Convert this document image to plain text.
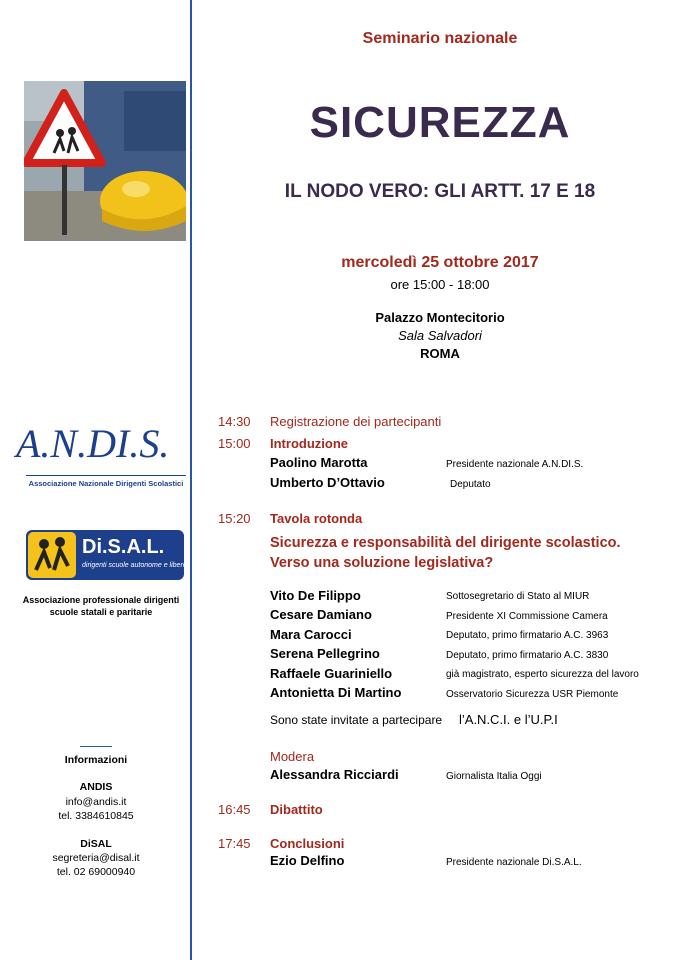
Seminario nazionale
SICUREZZA
IL NODO VERO: GLI ARTT. 17 E 18
mercoledì 25 ottobre 2017
ore 15:00 - 18:00
Palazzo Montecitorio
Sala Salvadori
ROMA
A.N.DI.S.
Associazione Nazionale Dirigenti Scolastici
Di.S.A.L.
dirigenti scuole autonome e libere
Associazione professionale dirigenti scuole statali e paritarie
Informazioni
ANDIS
info@andis.it
tel. 3384610845
DiSAL
segreteria@disal.it
tel. 02 69000940
14:30 Registrazione dei partecipanti
15:00 Introduzione
Paolino Marotta	Presidente nazionale A.N.DI.S.
Umberto D’Ottavio	Deputato
15:20 Tavola rotonda
Sicurezza e responsabilità del dirigente scolastico.
Verso una soluzione legislativa?
Vito De Filippo	Sottosegretario di Stato al MIUR
Cesare Damiano	Presidente XI Commissione Camera
Mara Carocci	Deputato, primo firmatario A.C. 3963
Serena Pellegrino	Deputato, primo firmatario A.C. 3830
Raffaele Guariniello	già magistrato, esperto sicurezza del lavoro
Antonietta Di Martino	Osservatorio Sicurezza USR Piemonte
Sono state invitate a partecipare l’A.N.C.I. e l’U.P.I
Modera
Alessandra Ricciardi	Giornalista Italia Oggi
16:45 Dibattito
17:45 Conclusioni
Ezio Delfino	Presidente nazionale Di.S.A.L.
